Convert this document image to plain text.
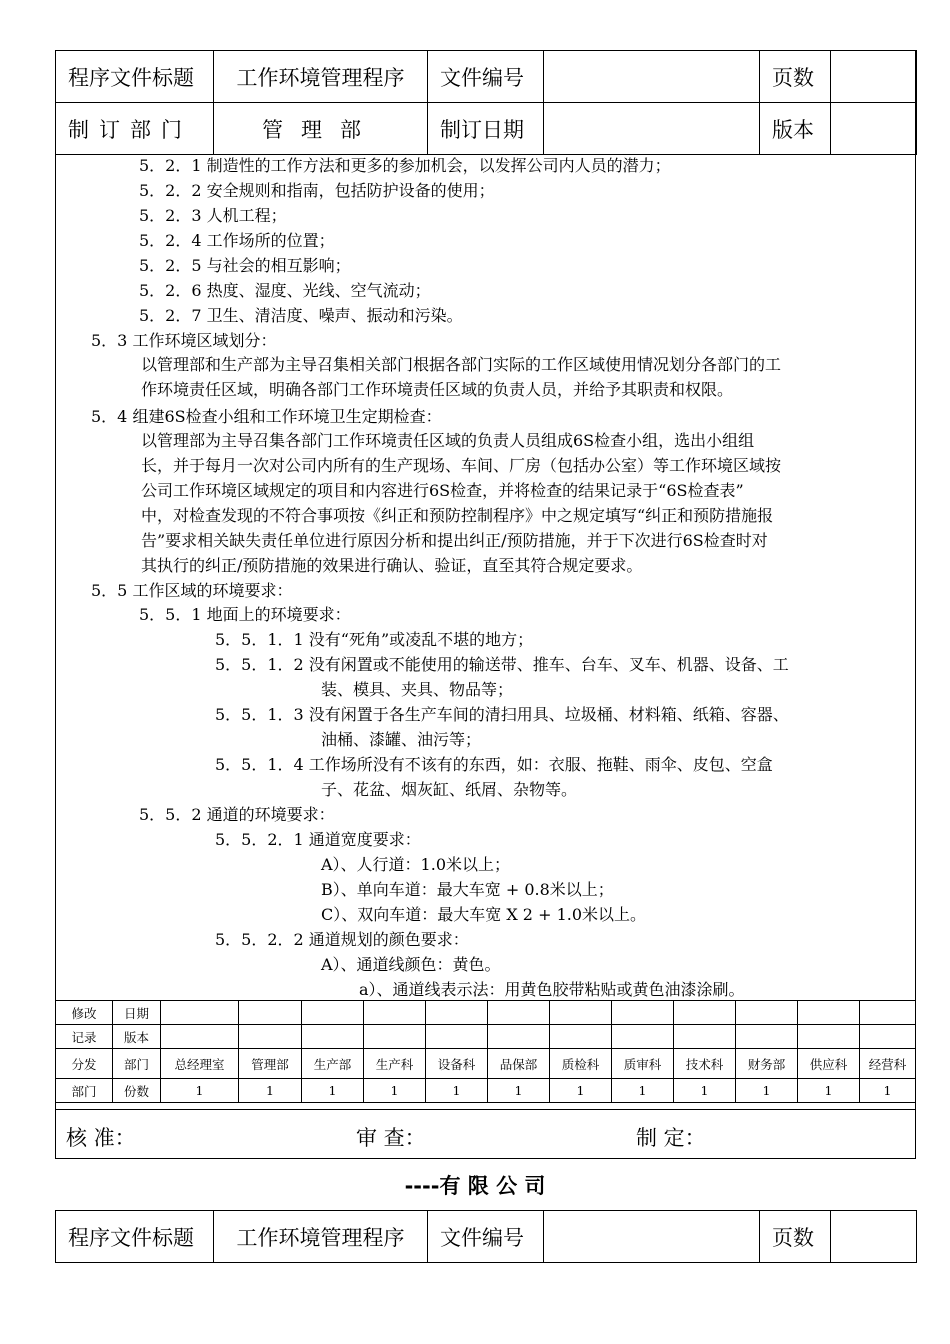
程序文件标题	工作环境管理程序	文件编号		页数	
制订部门	管理部	制订日期		版本	
5．2．1 制造性的工作方法和更多的参加机会，以发挥公司内人员的潜力；
5．2．2 安全规则和指南，包括防护设备的使用；
5．2．3 人机工程；
5．2．4 工作场所的位置；
5．2．5 与社会的相互影响；
5．2．6 热度、湿度、光线、空气流动；
5．2．7 卫生、清洁度、噪声、振动和污染。
5．3 工作环境区域划分：
以管理部和生产部为主导召集相关部门根据各部门实际的工作区域使用情况划分各部门的工
作环境责任区域，明确各部门工作环境责任区域的负责人员，并给予其职责和权限。
5．4 组建6S检查小组和工作环境卫生定期检查：
以管理部为主导召集各部门工作环境责任区域的负责人员组成6S检查小组，选出小组组
长，并于每月一次对公司内所有的生产现场、车间、厂房（包括办公室）等工作环境区域按
公司工作环境区域规定的项目和内容进行6S检查，并将检查的结果记录于“6S检查表”
中，对检查发现的不符合事项按《纠正和预防控制程序》中之规定填写“纠正和预防措施报
告”要求相关缺失责任单位进行原因分析和提出纠正/预防措施，并于下次进行6S检查时对
其执行的纠正/预防措施的效果进行确认、验证，直至其符合规定要求。
5．5 工作区域的环境要求：
5．5．1 地面上的环境要求：
5．5．1．1 没有“死角”或凌乱不堪的地方；
5．5．1．2 没有闲置或不能使用的输送带、推车、台车、叉车、机器、设备、工
装、模具、夹具、物品等；
5．5．1．3 没有闲置于各生产车间的清扫用具、垃圾桶、材料箱、纸箱、容器、
油桶、漆罐、油污等；
5．5．1．4 工作场所没有不该有的东西，如：衣服、拖鞋、雨伞、皮包、空盒
子、花盆、烟灰缸、纸屑、杂物等。
5．5．2 通道的环境要求：
5．5．2．1 通道宽度要求：
A）、人行道：1.0米以上；
B）、单向车道：最大车宽 + 0.8米以上；
C）、双向车道：最大车宽 X 2 + 1.0米以上。
5．5．2．2 通道规划的颜色要求：
A）、通道线颜色：黄色。
a）、通道线表示法：用黄色胶带粘贴或黄色油漆涂刷。
修改	日期												
记录	版本												
分发	部门	总经理室	管理部	生产部	生产科	设备科	品保部	质检科	质审科	技术科	财务部	供应科	经营科
部门	份数	1	1	1	1	1	1	1	1	1	1	1	1
核 准：	审 查：	制 定：
----有 限 公 司
程序文件标题	工作环境管理程序	文件编号		页数	
